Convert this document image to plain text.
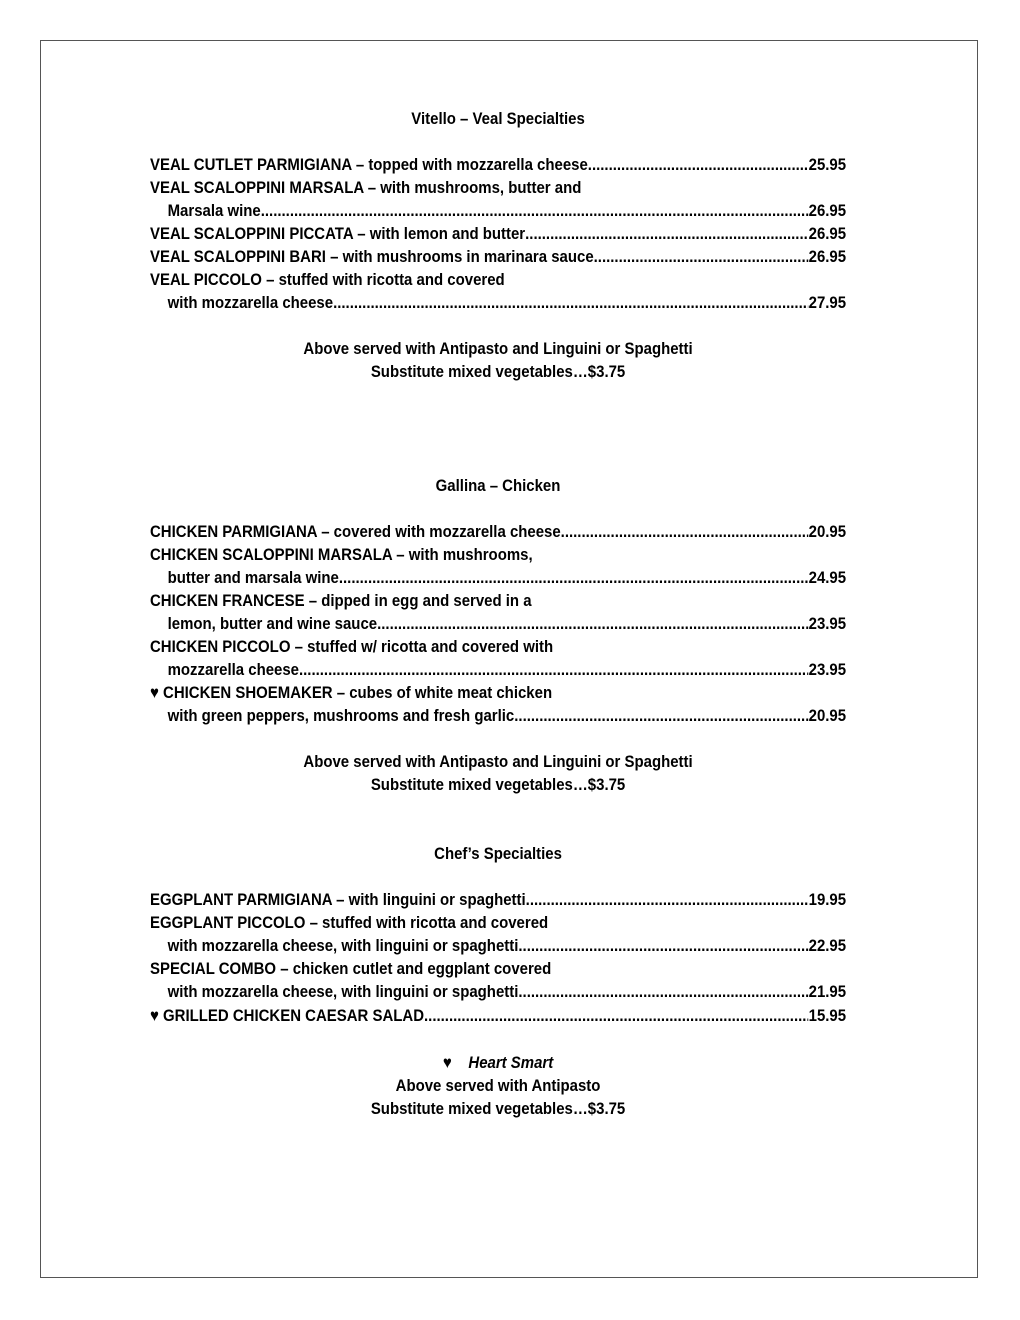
Vitello – Veal Specialties
VEAL CUTLET PARMIGIANA – topped with mozzarella cheese .....	25.95
VEAL SCALOPPINI MARSALA – with mushrooms, butter and
Marsala wine .....	26.95
VEAL SCALOPPINI PICCATA – with lemon and butter .....	26.95
VEAL SCALOPPINI BARI – with mushrooms in marinara sauce .....	26.95
VEAL PICCOLO – stuffed with ricotta and covered
with mozzarella cheese .....	27.95
Above served with Antipasto and Linguini or Spaghetti
Substitute mixed vegetables…$3.75
Gallina – Chicken
CHICKEN PARMIGIANA – covered with mozzarella cheese .....	20.95
CHICKEN SCALOPPINI MARSALA – with mushrooms,
butter and marsala wine .....	24.95
CHICKEN FRANCESE – dipped in egg and served in a
lemon, butter and wine sauce .....	23.95
CHICKEN PICCOLO – stuffed w/ ricotta and covered with
mozzarella cheese .....	23.95
♥ CHICKEN SHOEMAKER – cubes of white meat chicken
with green peppers, mushrooms and fresh garlic .....	20.95
Above served with Antipasto and Linguini or Spaghetti
Substitute mixed vegetables…$3.75
Chef’s Specialties
EGGPLANT PARMIGIANA – with linguini or spaghetti .....	19.95
EGGPLANT PICCOLO – stuffed with ricotta and covered
with mozzarella cheese, with linguini or spaghetti .....	22.95
SPECIAL COMBO – chicken cutlet and eggplant covered
with mozzarella cheese, with linguini or spaghetti .....	21.95
♥ GRILLED CHICKEN CAESAR SALAD .....	15.95
♥ Heart Smart
Above served with Antipasto
Substitute mixed vegetables…$3.75
